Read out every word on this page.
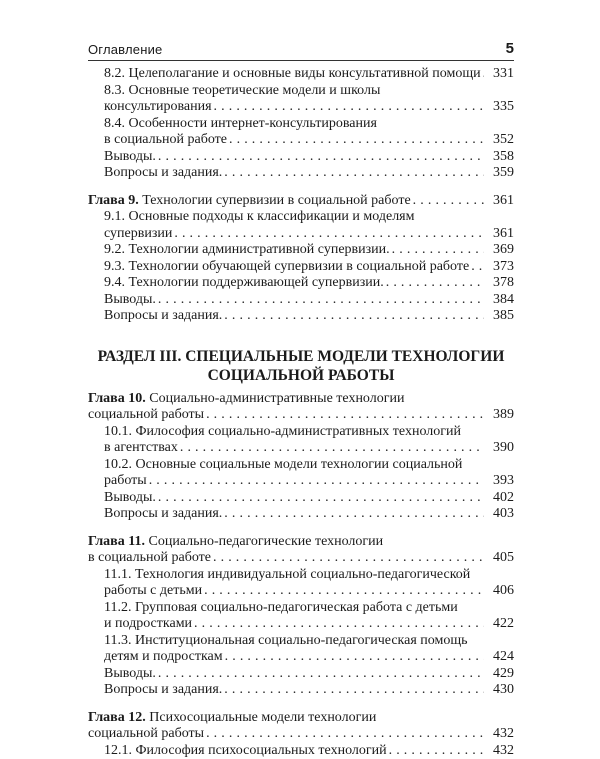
Оглавление	5
8.2. Целеполагание и основные виды консультативной помощи . . . 331
8.3. Основные теоретические модели и школы
консультирования . . .	335
8.4. Особенности интернет-консультирования
в социальной работе . . .	352
Выводы. . . .	358
Вопросы и задания. . . .	359
Глава 9. Технологии супервизии в социальной работе . . .	361
9.1. Основные подходы к классификации и моделям
супервизии . . .	361
9.2. Технологии административной супервизии. . . .	369
9.3. Технологии обучающей супервизии в социальной работе . . .	373
9.4. Технологии поддерживающей супервизии. . . .	378
Выводы. . . .	384
Вопросы и задания. . . .	385
РАЗДЕЛ III. СПЕЦИАЛЬНЫЕ МОДЕЛИ ТЕХНОЛОГИИ
СОЦИАЛЬНОЙ РАБОТЫ
Глава 10. Социально-административные технологии
социальной работы . . .	389
10.1. Философия социально-административных технологий
в агентствах . . .	390
10.2. Основные социальные модели технологии социальной
работы . . .	393
Выводы. . . .	402
Вопросы и задания. . . .	403
Глава 11. Социально-педагогические технологии
в социальной работе . . .	405
11.1. Технология индивидуальной социально-педагогической
работы с детьми . . .	406
11.2. Групповая социально-педагогическая работа с детьми
и подростками . . .	422
11.3. Институциональная социально-педагогическая помощь
детям и подросткам . . .	424
Выводы. . . .	429
Вопросы и задания. . . .	430
Глава 12. Психосоциальные модели технологии
социальной работы . . .	432
12.1. Философия психосоциальных технологий . . .	432
